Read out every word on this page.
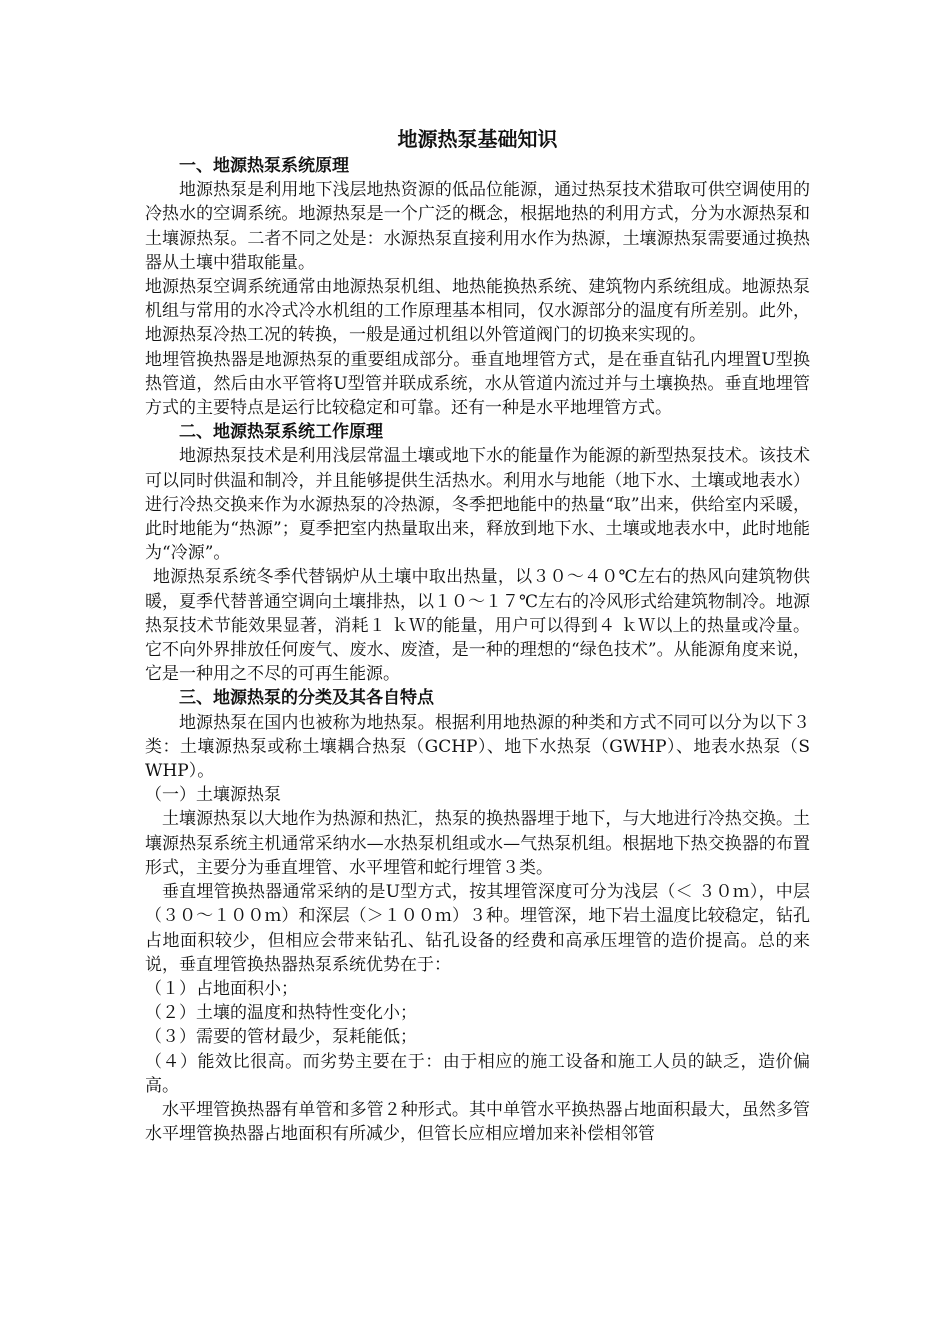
地源热泵基础知识
一、地源热泵系统原理

地源热泵是利用地下浅层地热资源的低品位能源，通过热泵技术猎取可供空调使用的冷热水的空调系统。地源热泵是一个广泛的概念，根据地热的利用方式，分为水源热泵和土壤源热泵。二者不同之处是：水源热泵直接利用水作为热源，土壤源热泵需要通过换热器从土壤中猎取能量。

地源热泵空调系统通常由地源热泵机组、地热能换热系统、建筑物内系统组成。地源热泵机组与常用的水冷式冷水机组的工作原理基本相同，仅水源部分的温度有所差别。此外，地源热泵冷热工况的转换，一般是通过机组以外管道阀门的切换来实现的。

地埋管换热器是地源热泵的重要组成部分。垂直地埋管方式，是在垂直钻孔内埋置U型换热管道，然后由水平管将U型管并联成系统，水从管道内流过并与土壤换热。垂直地埋管方式的主要特点是运行比较稳定和可靠。还有一种是水平地埋管方式。

二、地源热泵系统工作原理

地源热泵技术是利用浅层常温土壤或地下水的能量作为能源的新型热泵技术。该技术可以同时供温和制冷，并且能够提供生活热水。利用水与地能（地下水、土壤或地表水） 进行冷热交换来作为水源热泵的冷热源，冬季把地能中的热量“取”出来，供给室内采暖，此时地能为“热源”；夏季把室内热量取出来，释放到地下水、土壤或地表水中，此时地能为“冷源”。

地源热泵系统冬季代替锅炉从土壤中取出热量，以３０～４０℃左右的热风向建筑物供暖，夏季代替普通空调向土壤排热，以１０～１７℃左右的冷风形式给建筑物制冷。地源热泵技术节能效果显著，消耗１ ｋＷ的能量，用户可以得到４ ｋＷ以上的热量或冷量。它不向外界排放任何废气、废水、废渣，是一种的理想的“绿色技术”。从能源角度来说，它是一种用之不尽的可再生能源。

三、地源热泵的分类及其各自特点

地源热泵在国内也被称为地热泵。根据利用地热源的种类和方式不同可以分为以下３类：土壤源热泵或称土壤耦合热泵（GCHP）、地下水热泵（GWHP）、地表水热泵（SWHP）。

（一）土壤源热泵

土壤源热泵以大地作为热源和热汇，热泵的换热器埋于地下，与大地进行冷热交换。土壤源热泵系统主机通常采纳水—水热泵机组或水—气热泵机组。根据地下热交换器的布置形式，主要分为垂直埋管、水平埋管和蛇行埋管３类。

垂直埋管换热器通常采纳的是U型方式，按其埋管深度可分为浅层（＜ ３０ｍ），中层（３０～１００ｍ）和深层（＞１００ｍ）３种。埋管深，地下岩土温度比较稳定，钻孔占地面积较少，但相应会带来钻孔、钻孔设备的经费和高承压埋管的造价提高。总的来说，垂直埋管换热器热泵系统优势在于：

（１）占地面积小；

（２）土壤的温度和热特性变化小；

（３）需要的管材最少，泵耗能低；

（４）能效比很高。而劣势主要在于：由于相应的施工设备和施工人员的缺乏，造价偏高。

水平埋管换热器有单管和多管２种形式。其中单管水平换热器占地面积最大，虽然多管水平埋管换热器占地面积有所减少，但管长应相应增加来补偿相邻管
